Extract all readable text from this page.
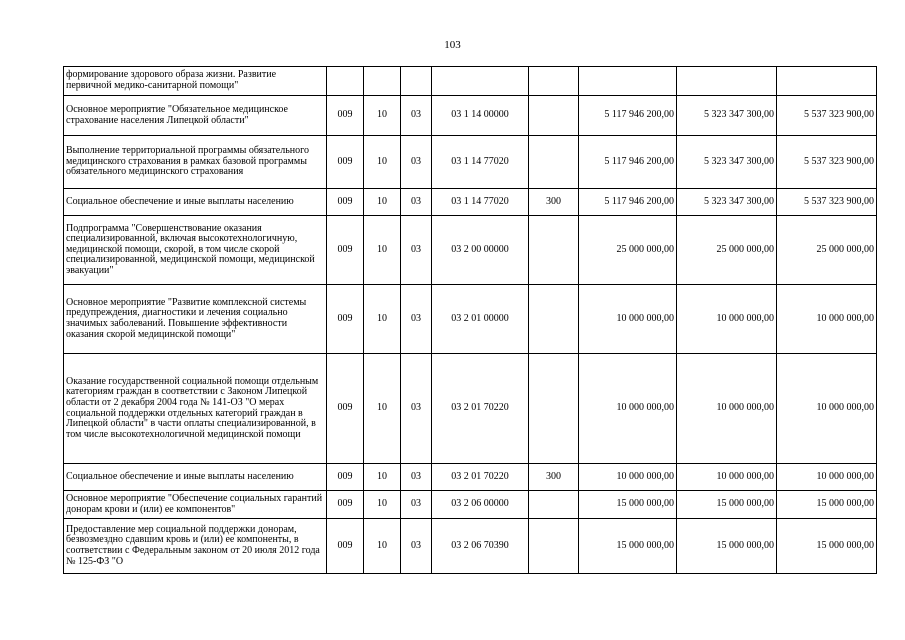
103
формирование здорового образа жизни. Развитие первичной медико-санитарной помощи"								
Основное мероприятие "Обязательное медицинское страхование населения Липецкой области"	009	10	03	03 1 14 00000		5 117 946 200,00	5 323 347 300,00	5 537 323 900,00
Выполнение территориальной программы обязательного медицинского страхования в рамках базовой программы обязательного медицинского страхования	009	10	03	03 1 14 77020		5 117 946 200,00	5 323 347 300,00	5 537 323 900,00
Социальное обеспечение и иные выплаты населению	009	10	03	03 1 14 77020	300	5 117 946 200,00	5 323 347 300,00	5 537 323 900,00
Подпрограмма "Совершенствование оказания специализированной, включая высокотехнологичную, медицинской помощи, скорой, в том числе скорой специализированной, медицинской помощи, медицинской эвакуации"	009	10	03	03 2 00 00000		25 000 000,00	25 000 000,00	25 000 000,00
Основное мероприятие "Развитие комплексной системы предупреждения, диагностики и лечения социально значимых заболеваний. Повышение эффективности оказания скорой медицинской помощи"	009	10	03	03 2 01 00000		10 000 000,00	10 000 000,00	10 000 000,00
Оказание государственной социальной помощи отдельным категориям граждан в соответствии с Законом Липецкой области от 2 декабря 2004 года № 141-ОЗ "О мерах социальной поддержки отдельных категорий граждан в Липецкой области" в части оплаты специализированной, в том числе высокотехнологичной медицинской помощи	009	10	03	03 2 01 70220		10 000 000,00	10 000 000,00	10 000 000,00
Социальное обеспечение и иные выплаты населению	009	10	03	03 2 01 70220	300	10 000 000,00	10 000 000,00	10 000 000,00
Основное мероприятие "Обеспечение социальных гарантий донорам крови и (или) ее компонентов"	009	10	03	03 2 06 00000		15 000 000,00	15 000 000,00	15 000 000,00
Предоставление мер социальной поддержки донорам, безвозмездно сдавшим кровь и (или) ее компоненты, в соответствии с Федеральным законом от 20 июля 2012 года № 125-ФЗ "О	009	10	03	03 2 06 70390		15 000 000,00	15 000 000,00	15 000 000,00
